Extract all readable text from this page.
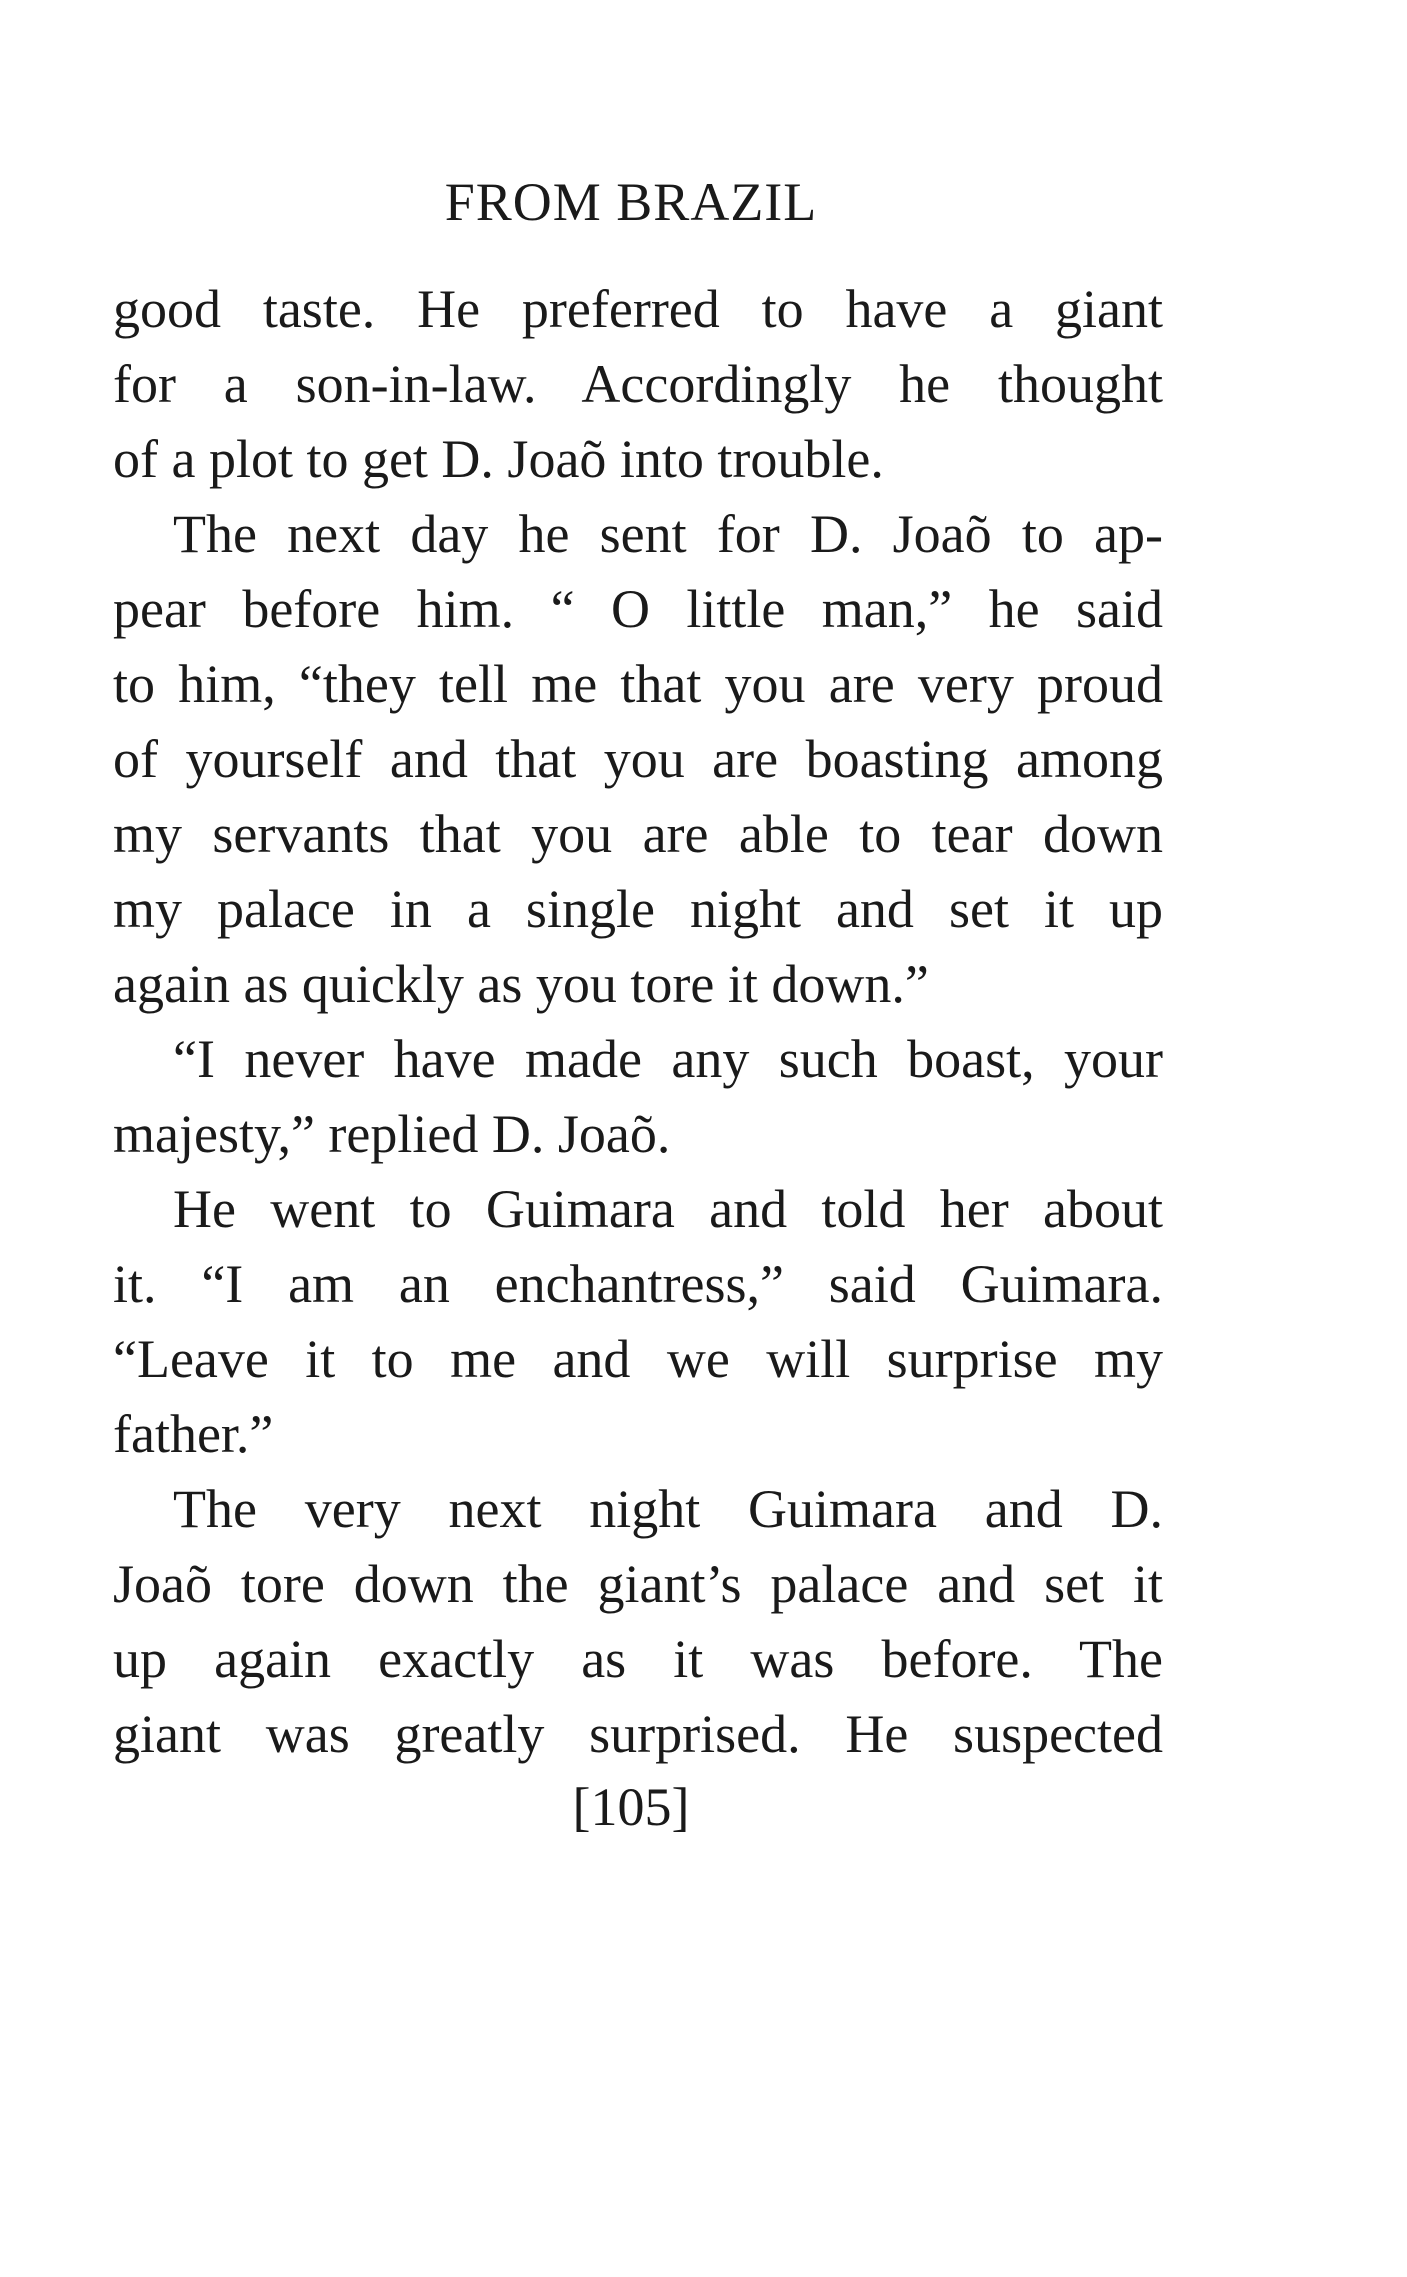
FROM BRAZIL
good taste. He preferred to have a giant
for a son-in-law. Accordingly he thought
of a plot to get D. Joaõ into trouble.
The next day he sent for D. Joaõ to ap-
pear before him. “ O little man,” he said
to him, “they tell me that you are very proud
of yourself and that you are boasting among
my servants that you are able to tear down
my palace in a single night and set it up
again as quickly as you tore it down.”
“I never have made any such boast, your
majesty,” replied D. Joaõ.
He went to Guimara and told her about
it. “I am an enchantress,” said Guimara.
“Leave it to me and we will surprise my
father.”
The very next night Guimara and D.
Joaõ tore down the giant’s palace and set it
up again exactly as it was before. The
giant was greatly surprised. He suspected
[105]
